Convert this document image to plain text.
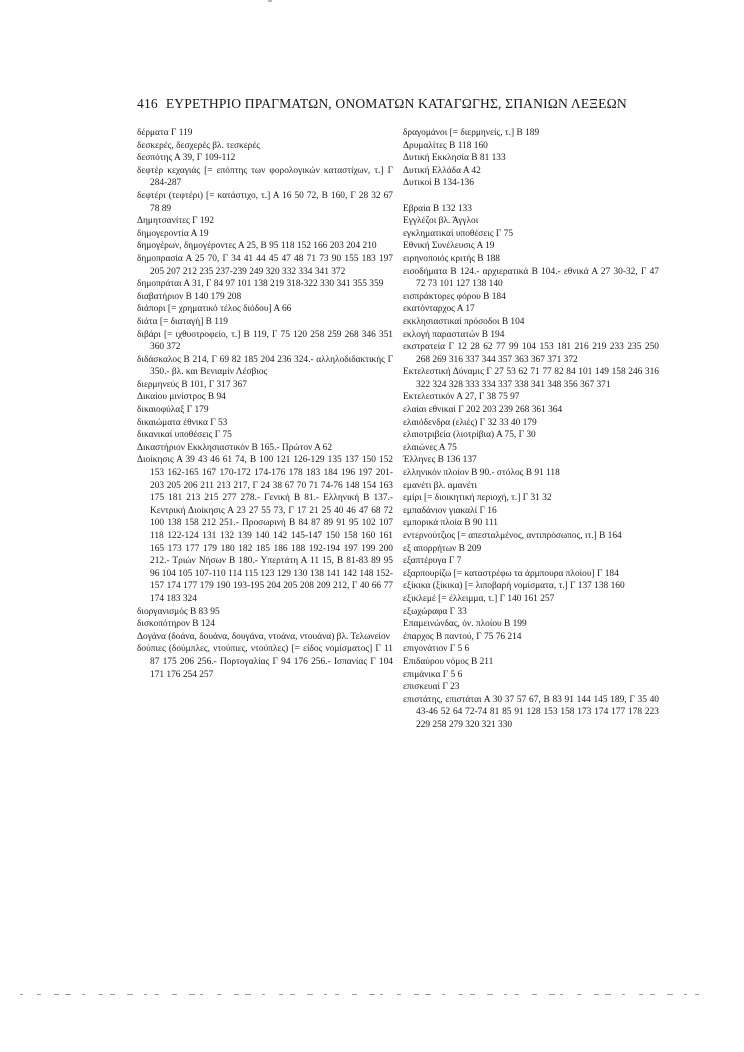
416 ΕΥΡΕΤΗΡΙΟ ΠΡΑΓΜΑΤΩΝ, ΟΝΟΜΑΤΩΝ ΚΑΤΑΓΩΓΗΣ, ΣΠΑΝΙΩΝ ΛΕΞΕΩΝ
δέρματα Γ 119
δεσκερές, δεσχερές βλ. τεσκερές
δεσπότης Α 39, Γ 109-112
δεφτέρ κεχαγιάς [= επόπτης των φορολογικών καταστίχων, τ.] Γ 284-287
δεφτέρι (τεφτέρι) [= κατάστιχο, τ.] Α 16 50 72, Β 160, Γ 28 32 67 78 89
Δημητσανίτες Γ 192
δημογεροντία Α 19
δημογέρων, δημογέροντες Α 25, Β 95 118 152 166 203 204 210
δημοπρασία Α 25 70, Γ 34 41 44 45 47 48 71 73 90 155 183 197 205 207 212 235 237-239 249 320 332 334 341 372
δημοπράται Α 31, Γ 84 97 101 138 219 318-322 330 341 355 359
διαβατήριον Β 140 179 208
διάπορι [= χρηματικό τέλος διόδου] Α 66
διάτα [= διαταγή] Β 119
διβάρι [= ιχθυοτροφείο, τ.] Β 119, Γ 75 120 258 259 268 346 351 360 372
διδάσκαλος Β 214, Γ 69 82 185 204 236 324.- αλληλοδιδακτικής Γ 350.- βλ. και Βενιαμίν Λέσβιος
διερμηνεύς Β 101, Γ 317 367
Δικαίου μινίστρος Β 94
δικαιοφύλαξ Γ 179
δικαιώματα έθνικα Γ 53
δικανικαί υποθέσεις Γ 75
Δικαστήριον Εκκλησιαστικόν Β 165.- Πρώτον Α 62
Διοίκησις Α 39 43 46 61 74, Β 100 121 126-129 135 137 150 152 153 162-165 167 170-172 174-176 178 183 184 196 197 201-203 205 206 211 213 217, Γ 24 38 67 70 71 74-76 148 154 163 175 181 213 215 277 278.- Γενική Β 81.- Ελληνική Β 137.- Κεντρική Διοίκησις Α 23 27 55 73, Γ 17 21 25 40 46 47 68 72 100 138 158 212 251.- Προσωρινή Β 84 87 89 91 95 102 107 118 122-124 131 132 139 140 142 145-147 150 158 160 161 165 173 177 179 180 182 185 186 188 192-194 197 199 200 212.- Τριών Νήσων Β 180.- Υπερτάτη Α 11 15, Β 81-83 89 95 96 104 105 107-110 114 115 123 129 130 138 141 142 148 152-157 174 177 179 190 193-195 204 205 208 209 212, Γ 40 66 77 174 183 324
διοργανισμός Β 83 95
δισκοπότηρον Β 124
Δογάνα (δοάνα, δουάνα, δουγάνα, ντοάνα, ντουάνα) βλ. Τελωνείον
δούπιες (δούμπλες, ντούπιες, ντούπλες) [= είδος νομίσματος] Γ 11 87 175 206 256.- Πορτογαλίας Γ 94 176 256.- Ισπανίας Γ 104 171 176 254 257
δραγομάνοι [= διερμηνείς, τ.] Β 189
Δρυμαλίτες Β 118 160
Δυτική Εκκλησία Β 81 133
Δυτική Ελλάδα Α 42
Δυτικοί Β 134-136
Εβραία Β 132 133
Εγγλέζοι βλ. Άγγλοι
εγκληματικαί υποθέσεις Γ 75
Εθνική Συνέλευσις Α 19
ειρηνοποιός κριτής Β 188
εισοδήματα Β 124.- αρχιερατικά Β 104.- εθνικά Α 27 30-32, Γ 47 72 73 101 127 138 140
εισπράκτορες φόρου Β 184
εκατόνταρχος Α 17
εκκλησιαστικαί πρόσοδοι Β 104
εκλογή παραστατών Β 194
εκστρατεία Γ 12 28 62 77 99 104 153 181 216 219 233 235 250 268 269 316 337 344 357 363 367 371 372
Εκτελεστική Δύναμις Γ 27 53 62 71 77 82 84 101 149 158 246 316 322 324 328 333 334 337 338 341 348 356 367 371
Εκτελεστικόν Α 27, Γ 38 75 97
ελαίαι εθνικαί Γ 202 203 239 268 361 364
ελαιόδενδρα (ελιές) Γ 32 33 40 179
ελαιοτριβεία (λιοτρίβια) Α 75, Γ 30
ελαιώνες Α 75
Έλληνες Β 136 137
ελληνικόν πλοίον Β 90.- στόλος Β 91 118
εμανέτι βλ. αμανέτι
εμίρι [= διοικητική περιοχή, τ.] Γ 31 32
εμπαδάνιον γιακαλί Γ 16
εμπορικά πλοία Β 90 111
εντερνούτζιος [= απεσταλμένος, αντιπρόσωπος, ιτ.] Β 164
εξ απορρήτων Β 209
εξαπτέρυγα Γ 7
εξαρπουρίζω [= καταστρέφω τα άρμπουρα πλοίου] Γ 184
εξίκικα (ξίκικα) [= λιποβαρή νομίσματα, τ.] Γ 137 138 160
εξικλεμέ [= έλλειμμα, τ.] Γ 140 161 257
εξωχώραφα Γ 33
Επαμεινώνδας, όν. πλοίου Β 199
έπαρχος Β παντού, Γ 75 76 214
επιγονάτιον Γ 5 6
Επιδαύρου νόμος Β 211
επιμάνικα Γ 5 6
επισκευαί Γ 23
επιστάτης, επιστάται Α 30 37 57 67, Β 83 91 144 145 189, Γ 35 40 43-46 52 64 72-74 81 85 91 128 153 158 173 174 177 178 223 229 258 279 320 321 330
